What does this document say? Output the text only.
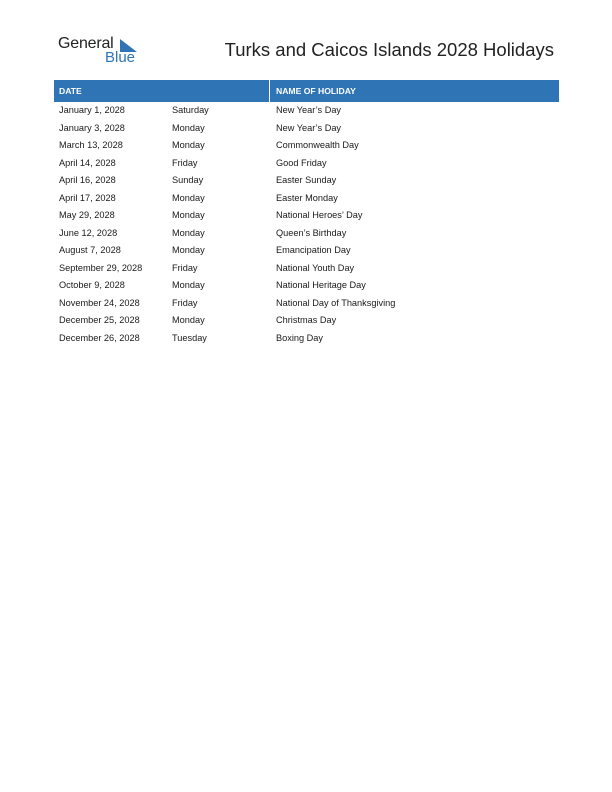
General
Blue	Turks and Caicos Islands 2028 Holidays
DATE	NAME OF HOLIDAY
January 1, 2028	Saturday	New Year’s Day
January 3, 2028	Monday	New Year’s Day
March 13, 2028	Monday	Commonwealth Day
April 14, 2028	Friday	Good Friday
April 16, 2028	Sunday	Easter Sunday
April 17, 2028	Monday	Easter Monday
May 29, 2028	Monday	National Heroes’ Day
June 12, 2028	Monday	Queen’s Birthday
August 7, 2028	Monday	Emancipation Day
September 29, 2028	Friday	National Youth Day
October 9, 2028	Monday	National Heritage Day
November 24, 2028	Friday	National Day of Thanksgiving
December 25, 2028	Monday	Christmas Day
December 26, 2028	Tuesday	Boxing Day
